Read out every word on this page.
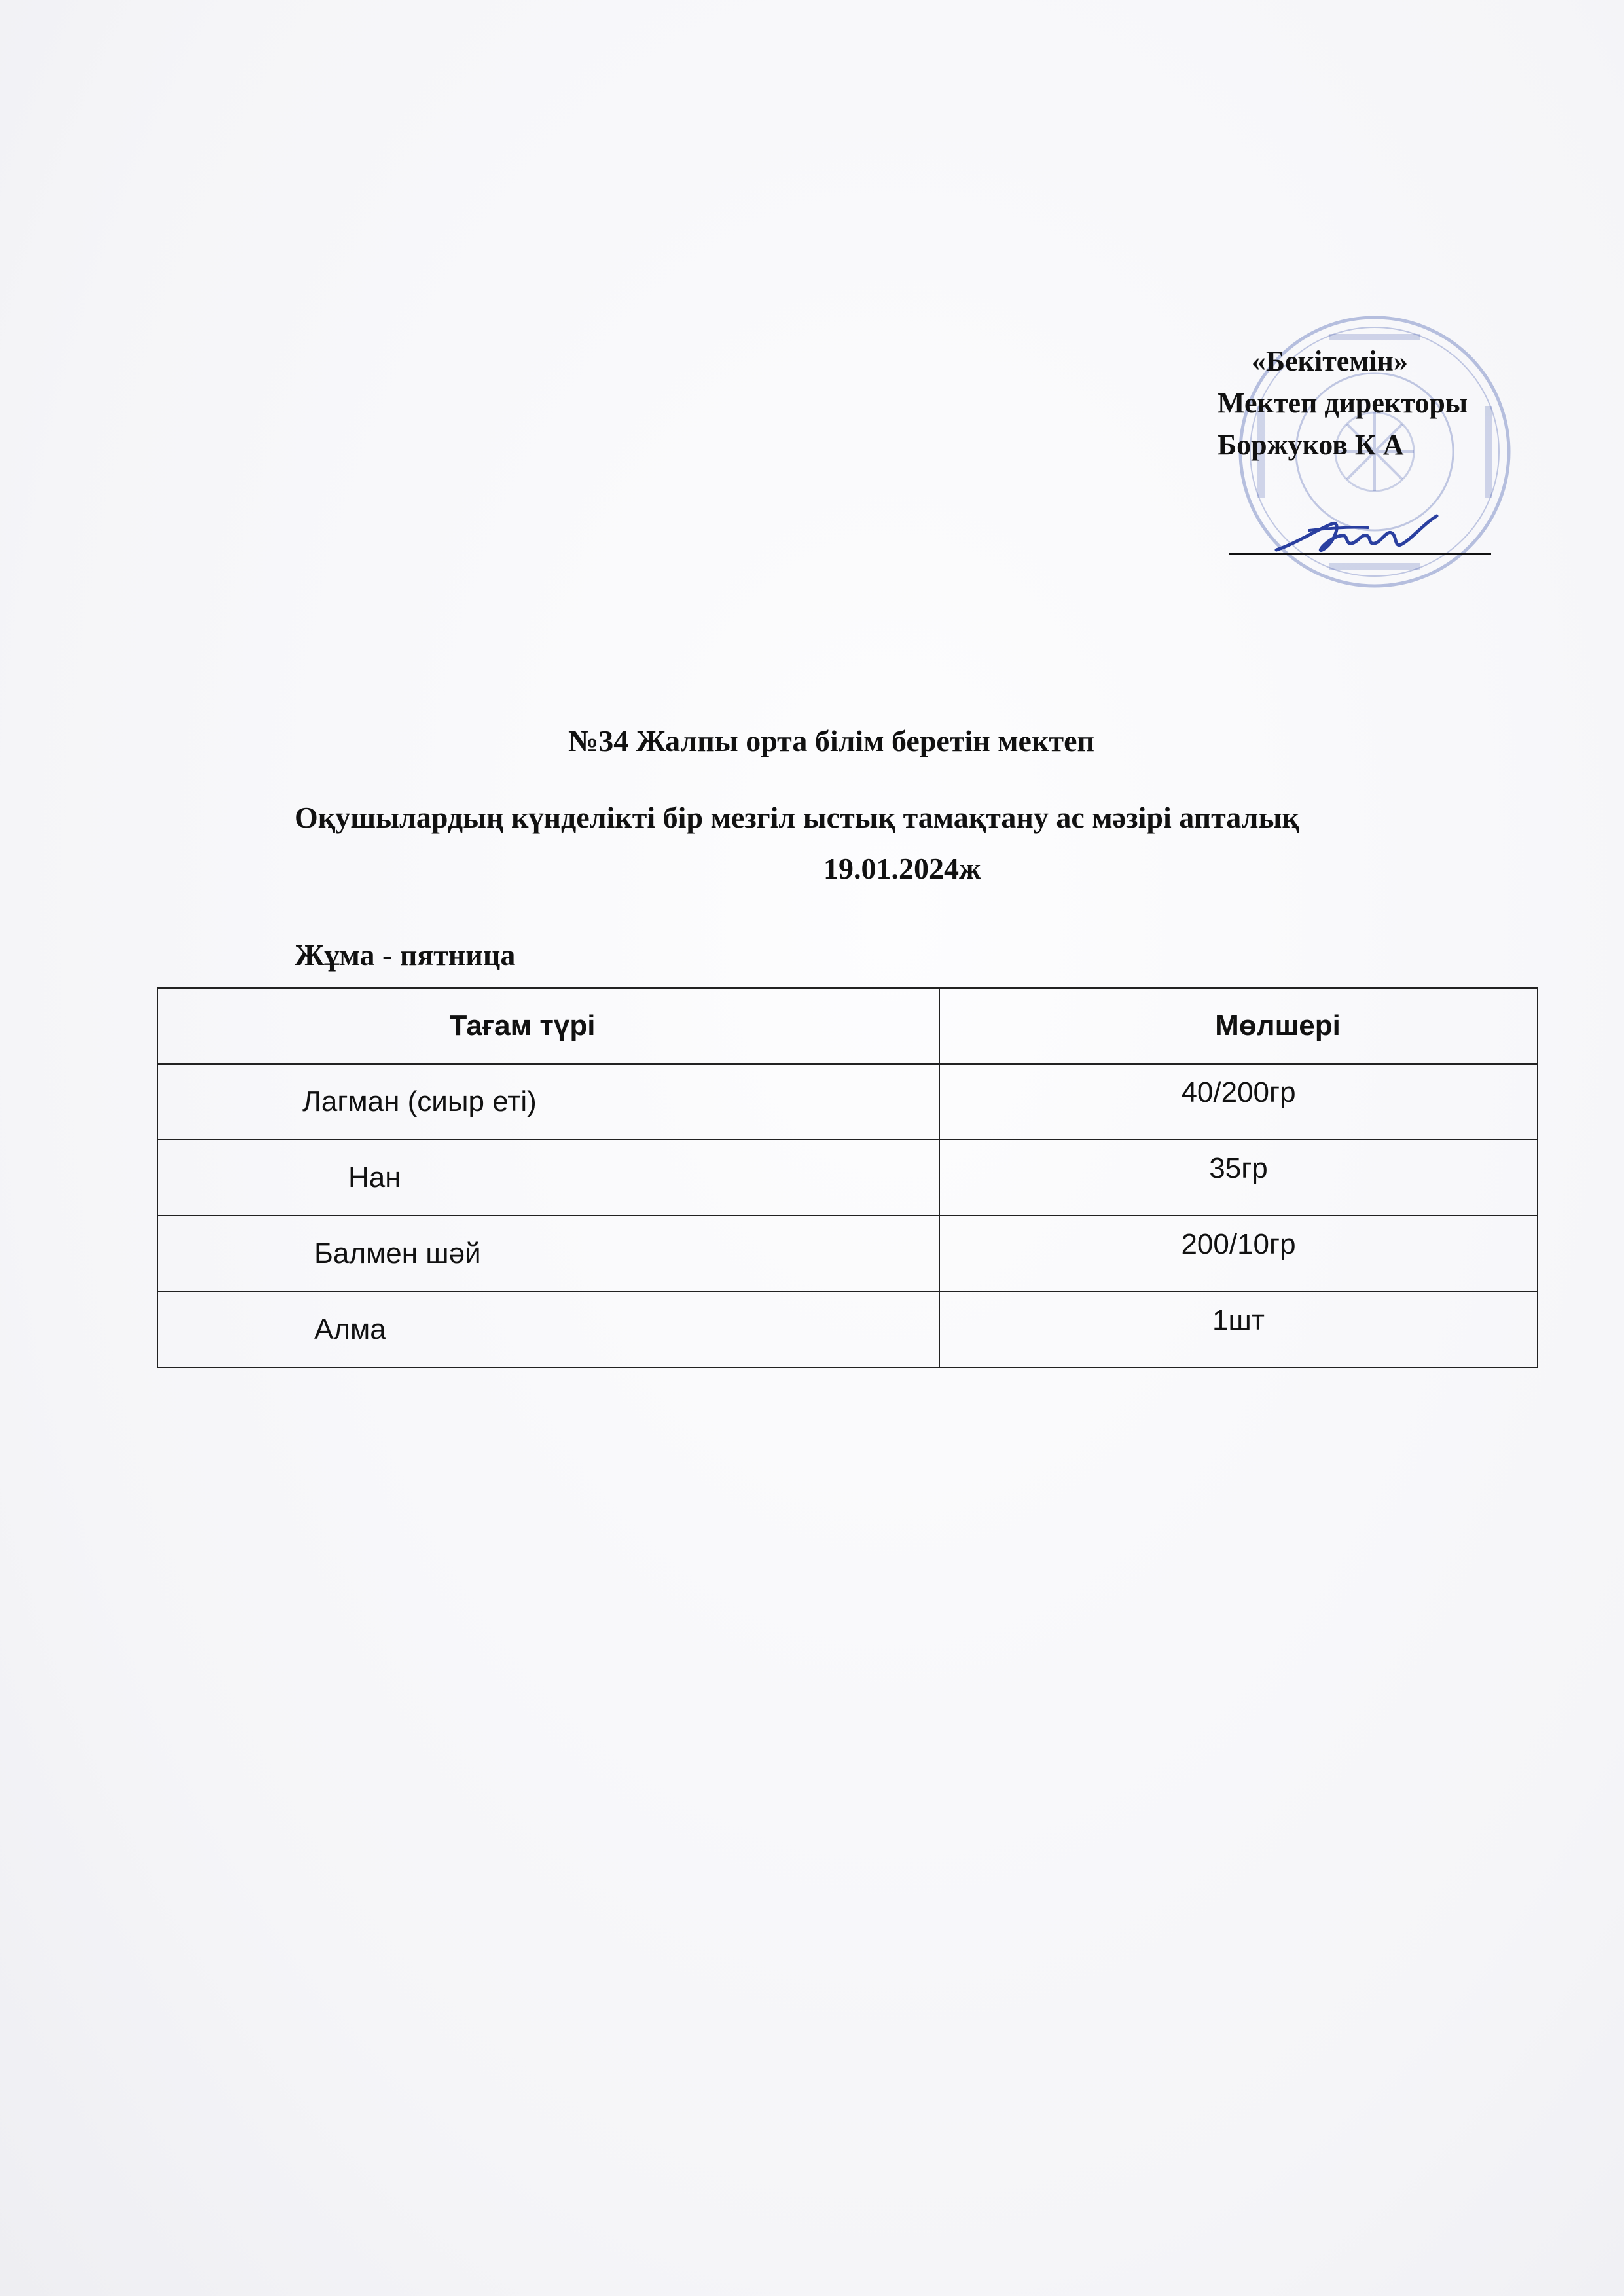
«Бекітемін»
Мектеп директоры
Боржуков К А
№34 Жалпы орта білім беретін мектеп
Оқушылардың күнделікті бір мезгіл ыстық тамақтану ас мәзірі апталық
19.01.2024ж
Жұма - пятница
Тағам түрі	Мөлшері
Лагман (сиыр еті)	40/200гр
Нан	35гр
Балмен шәй	200/10гр
Алма	1шт
